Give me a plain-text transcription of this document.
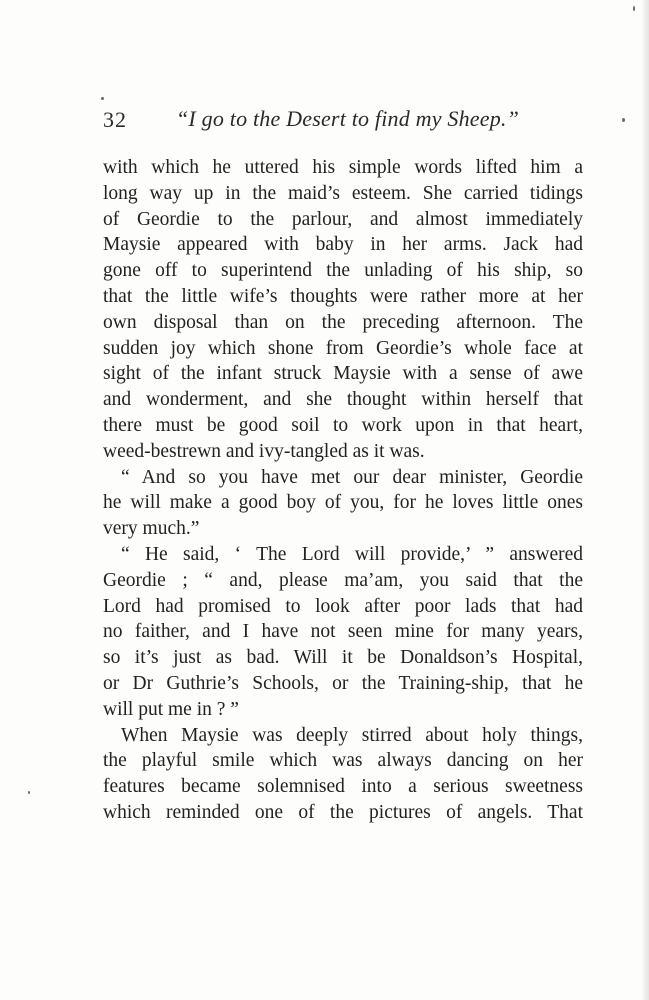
32 “I go to the Desert to find my Sheep.”
with which he uttered his simple words lifted him a
long way up in the maid’s esteem. She carried tidings
of Geordie to the parlour, and almost immediately
Maysie appeared with baby in her arms. Jack had
gone off to superintend the unlading of his ship, so
that the little wife’s thoughts were rather more at her
own disposal than on the preceding afternoon. The
sudden joy which shone from Geordie’s whole face at
sight of the infant struck Maysie with a sense of awe
and wonderment, and she thought within herself that
there must be good soil to work upon in that heart,
weed-bestrewn and ivy-tangled as it was.
“ And so you have met our dear minister, Geordie
he will make a good boy of you, for he loves little ones
very much.”
“ He said, ‘ The Lord will provide,’ ” answered
Geordie ; “ and, please ma’am, you said that the
Lord had promised to look after poor lads that had
no faither, and I have not seen mine for many years,
so it’s just as bad. Will it be Donaldson’s Hospital,
or Dr Guthrie’s Schools, or the Training-ship, that he
will put me in ? ”
When Maysie was deeply stirred about holy things,
the playful smile which was always dancing on her
features became solemnised into a serious sweetness
which reminded one of the pictures of angels. That
